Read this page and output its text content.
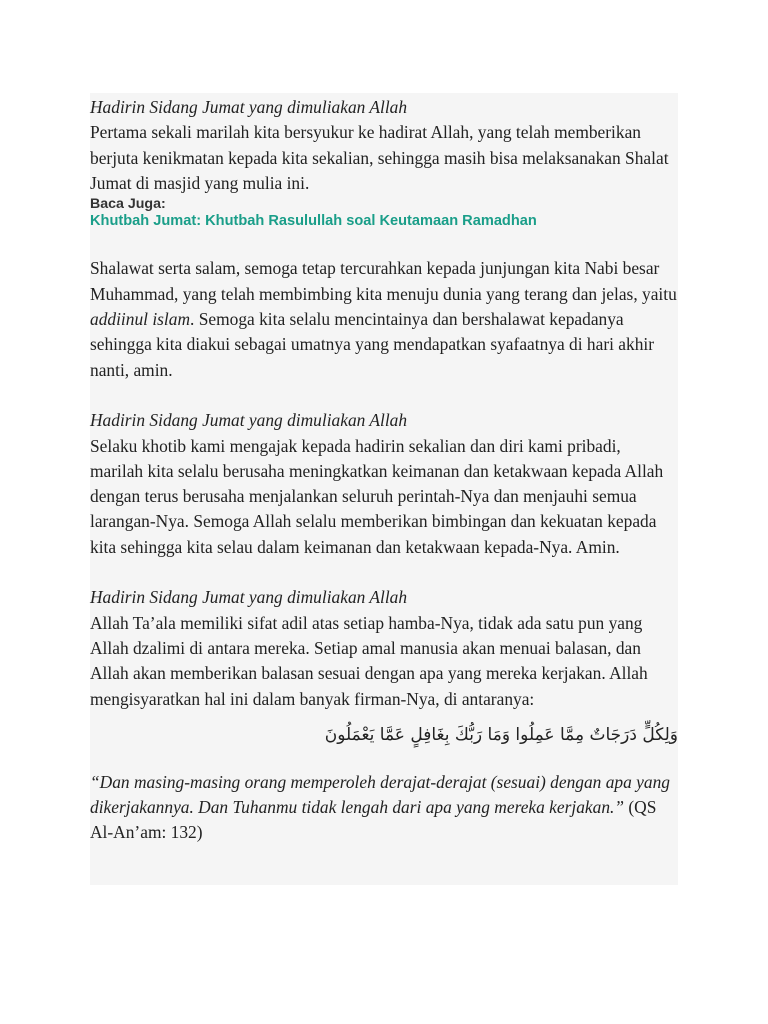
Hadirin Sidang Jumat yang dimuliakan Allah

Pertama sekali marilah kita bersyukur ke hadirat Allah, yang telah memberikan berjuta kenikmatan kepada kita sekalian, sehingga masih bisa melaksanakan Shalat Jumat di masjid yang mulia ini.

Baca Juga:

Khutbah Jumat: Khutbah Rasulullah soal Keutamaan Ramadhan

Shalawat serta salam, semoga tetap tercurahkan kepada junjungan kita Nabi besar Muhammad, yang telah membimbing kita menuju dunia yang terang dan jelas, yaitu addiinul islam. Semoga kita selalu mencintainya dan bershalawat kepadanya sehingga kita diakui sebagai umatnya yang mendapatkan syafaatnya di hari akhir nanti, amin.

Hadirin Sidang Jumat yang dimuliakan Allah

Selaku khotib kami mengajak kepada hadirin sekalian dan diri kami pribadi, marilah kita selalu berusaha meningkatkan keimanan dan ketakwaan kepada Allah dengan terus berusaha menjalankan seluruh perintah-Nya dan menjauhi semua larangan-Nya. Semoga Allah selalu memberikan bimbingan dan kekuatan kepada kita sehingga kita selau dalam keimanan dan ketakwaan kepada-Nya. Amin.

Hadirin Sidang Jumat yang dimuliakan Allah

Allah Ta’ala memiliki sifat adil atas setiap hamba-Nya, tidak ada satu pun yang Allah dzalimi di antara mereka. Setiap amal manusia akan menuai balasan, dan Allah akan memberikan balasan sesuai dengan apa yang mereka kerjakan. Allah mengisyaratkan hal ini dalam banyak firman-Nya, di antaranya:

وَلِكُلٍّ دَرَجَاتٌ مِمَّا عَمِلُوا وَمَا رَبُّكَ بِغَافِلٍ عَمَّا يَعْمَلُونَ

“Dan masing-masing orang memperoleh derajat-derajat (sesuai) dengan apa yang dikerjakannya. Dan Tuhanmu tidak lengah dari apa yang mereka kerjakan.” (QS Al-An’am: 132)
